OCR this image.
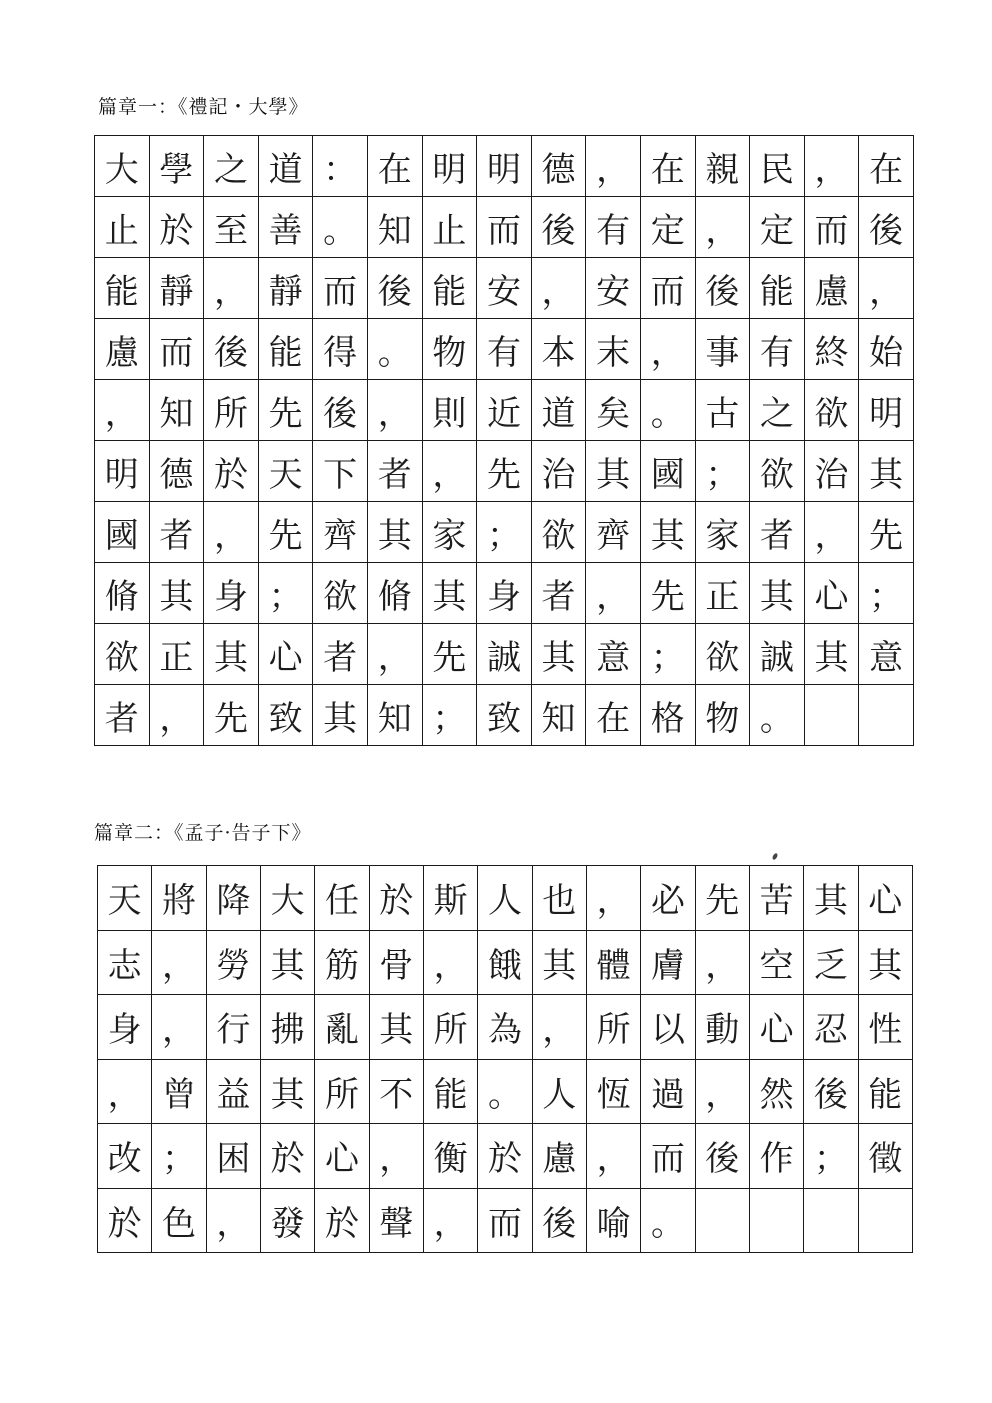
篇章一：《禮記・大學》
大	學	之	道	：	在	明	明	德	，	在	親	民	，	在
止	於	至	善	。	知	止	而	後	有	定	，	定	而	後
能	靜	，	靜	而	後	能	安	，	安	而	後	能	慮	，
慮	而	後	能	得	。	物	有	本	末	，	事	有	終	始
，	知	所	先	後	，	則	近	道	矣	。	古	之	欲	明
明	德	於	天	下	者	，	先	治	其	國	；	欲	治	其
國	者	，	先	齊	其	家	；	欲	齊	其	家	者	，	先
脩	其	身	；	欲	脩	其	身	者	，	先	正	其	心	；
欲	正	其	心	者	，	先	誠	其	意	；	欲	誠	其	意
者	，	先	致	其	知	；	致	知	在	格	物	。		
篇章二：《孟子·告子下》
天	將	降	大	任	於	斯	人	也	，	必	先	苦	其	心
志	，	勞	其	筋	骨	，	餓	其	體	膚	，	空	乏	其
身	，	行	拂	亂	其	所	為	，	所	以	動	心	忍	性
，	曾	益	其	所	不	能	。	人	恆	過	，	然	後	能
改	；	困	於	心	，	衡	於	慮	，	而	後	作	；	徵
於	色	，	發	於	聲	，	而	後	喻	。				
